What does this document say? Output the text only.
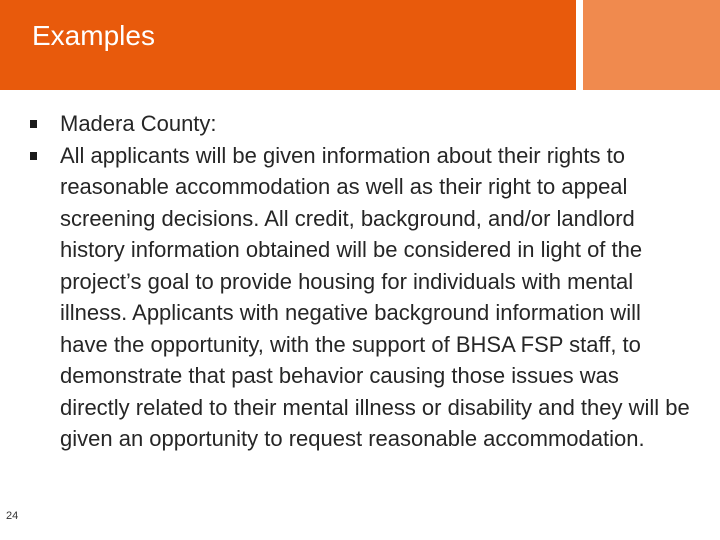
Examples
Madera County:
All applicants will be given information about their rights to reasonable accommodation as well as their right to appeal screening decisions. All credit, background, and/or landlord history information obtained will be considered in light of the project’s goal to provide housing for individuals with mental illness. Applicants with negative background information will have the opportunity, with the support of BHSA FSP staff, to demonstrate that past behavior causing those issues was directly related to their mental illness or disability and they will be given an opportunity to request reasonable accommodation.
24
